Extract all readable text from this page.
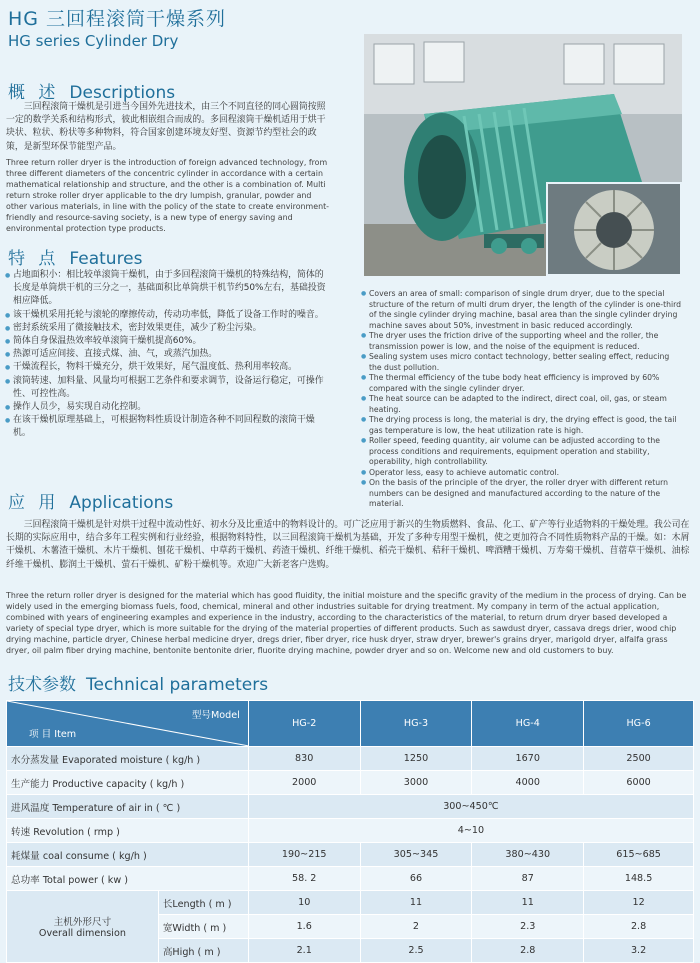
HG 三回程滚筒干燥系列
HG series Cylinder Dry
概 述 Descriptions
三回程滚筒干燥机是引进当今国外先进技术，由三个不同直径的同心圆筒按照一定的数学关系和结构形式，彼此相嵌组合而成的。多回程滚筒干燥机适用于烘干块状、粒状、粉状等多种物料，符合国家创建环境友好型、资源节约型社会的政策，是新型环保节能型产品。
Three return roller dryer is the introduction of foreign advanced technology, from three different diameters of the concentric cylinder in accordance with a certain mathematical relationship and structure, and the other is a combination of. Multi return stroke roller dryer applicable to the dry lumpish, granular, powder and other various materials, in line with the policy of the state to create environment-friendly and resource-saving society, is a new type of energy saving and environmental protection type products.
特 点 Features
● 占地面积小：相比较单滚筒干燥机，由于多回程滚筒干燥机的特殊结构，简体的长度是单筒烘干机的三分之一，基础面积比单筒烘干机节约50%左右，基础投资相应降低。
● 该干燥机采用托轮与滚轮的摩擦传动，传动功率低，降低了设备工作时的噪音。
● 密封系统采用了微接触技术，密封效果更佳，减少了粉尘污染。
● 简体自身保温热效率较单滚筒干燥机提高60%。
● 热源可适应间接、直接式煤、油、气，或蒸汽加热。
● 干燥流程长，物料干燥充分，烘干效果好，尾气温度低、热利用率较高。
● 滚筒转速、加料量、风量均可根据工艺条件和要求调节，设备运行稳定，可操作性、可控性高。
● 操作人员少，易实现自动化控制。
● 在该干燥机原理基础上，可根据物料性质设计制造各种不同回程数的滚筒干燥机。
● Covers an area of small: comparison of single drum dryer, due to the special structure of the return of multi drum dryer, the length of the cylinder is one-third of the single cylinder drying machine, basal area than the single cylinder drying machine saves about 50%, investment in basic reduced accordingly.
● The dryer uses the friction drive of the supporting wheel and the roller, the transmission power is low, and the noise of the equipment is reduced.
● Sealing system uses micro contact technology, better sealing effect, reducing the dust pollution.
● The thermal efficiency of the tube body heat efficiency is improved by 60% compared with the single cylinder dryer.
● The heat source can be adapted to the indirect, direct coal, oil, gas, or steam heating.
● The drying process is long, the material is dry, the drying effect is good, the tail gas temperature is low, the heat utilization rate is high.
● Roller speed, feeding quantity, air volume can be adjusted according to the process conditions and requirements, equipment operation and stability, operability, high controllability.
● Operator less, easy to achieve automatic control.
● On the basis of the principle of the dryer, the roller dryer with different return numbers can be designed and manufactured according to the nature of the material.
应 用 Applications
三回程滚筒干燥机是针对烘干过程中流动性好、初水分及比重适中的物料设计的。可广泛应用于新兴的生物质燃料、食品、化工、矿产等行业适物料的干燥处理。我公司在长期的实际应用中，结合多年工程实例和行业经验，根据物料特性，以三回程滚筒干燥机为基础，开发了多种专用型干燥机，使之更加符合不同性质物料产品的干燥。如：木屑干燥机、木薯渣干燥机、木片干燥机、刨花干燥机、中草药干燥机、药渣干燥机、纤维干燥机、稻壳干燥机、秸秆干燥机、啤酒糟干燥机、万寿菊干燥机、苜蓿草干燥机、油棕纤维干燥机、膨润土干燥机、萤石干燥机、矿粉干燥机等。欢迎广大新老客户选购。
Three the return roller dryer is designed for the material which has good fluidity, the initial moisture and the specific gravity of the medium in the process of drying. Can be widely used in the emerging biomass fuels, food, chemical, mineral and other industries suitable for drying treatment. My company in term of the actual application, combined with years of engineering examples and experience in the industry, according to the characteristics of the material, to return drum dryer based developed a variety of special type dryer, which is more suitable for the drying of the material properties of different products. Such as sawdust dryer, cassava dregs drier, wood chip drying machine, particle dryer, Chinese herbal medicine dryer, dregs drier, fiber dryer, rice husk dryer, straw dryer, brewer's grains dryer, marigold dryer, alfalfa grass dryer, oil palm fiber drying machine, bentonite bentonite drier, fluorite drying machine, powder dryer and so on. Welcome new and old customers to buy.
技术参数 Technical parameters
型号Model
项 目 Item		HG-2	HG-3	HG-4	HG-6
水分蒸发量 Evaporated moisture ( kg/h )		830	1250	1670	2500
生产能力 Productive capacity ( kg/h )		2000	3000	4000	6000
进风温度 Temperature of air in ( ℃ )		300~450℃			
转速 Revolution ( rmp )		4~10			
耗煤量 coal consume ( kg/h )		190~215	305~345	380~430	615~685
总功率 Total power ( kw )		58. 2	66	87	148.5

主机外形尺寸
Overall dimension	长Length ( m )	10	11	11	12
	宽Width ( m )	1.6	2	2.3	2.8
	高High ( m )	2.1	2.5	2.8	3.2
